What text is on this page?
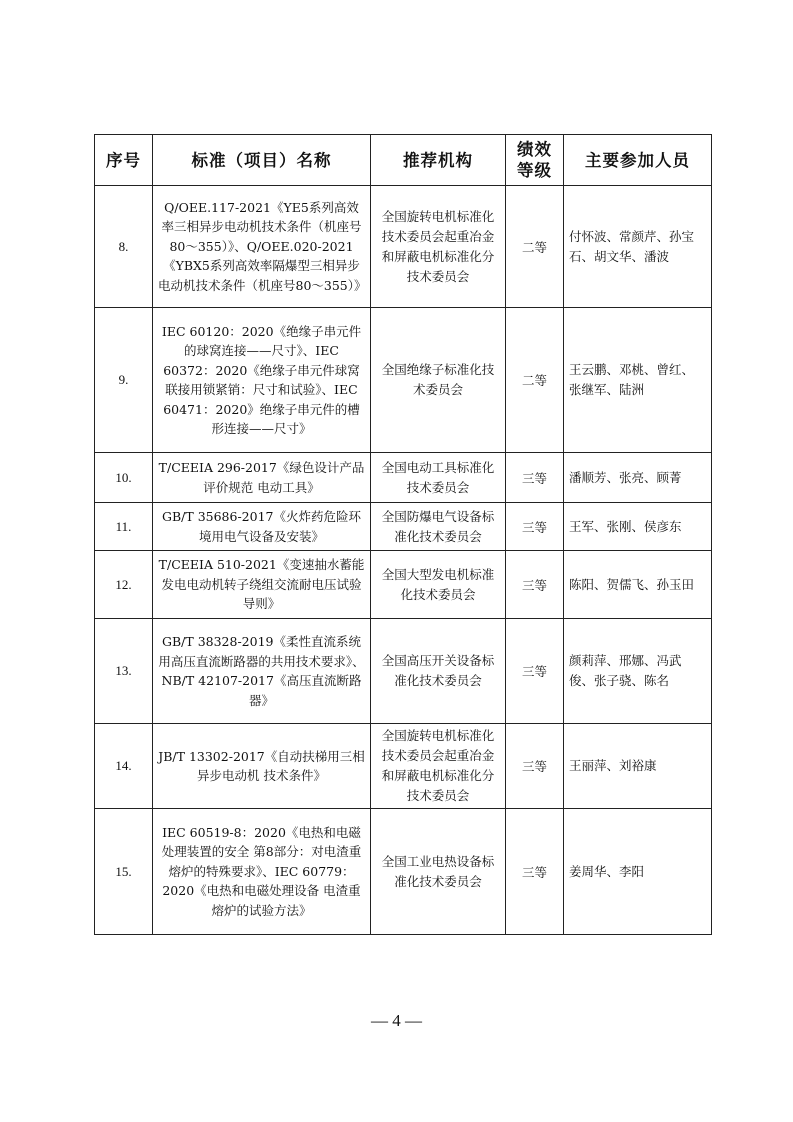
序号	标准（项目）名称	推荐机构	绩效等级	主要参加人员
8.	Q/OEE.117-2021《YE5系列高效率三相异步电动机技术条件（机座号80～355）》、Q/OEE.020-2021《YBX5系列高效率隔爆型三相异步电动机技术条件（机座号80～355）》	全国旋转电机标准化技术委员会起重冶金和屏蔽电机标准化分技术委员会	二等	付怀波、常颜芹、孙宝石、胡文华、潘波
9.	IEC 60120：2020《绝缘子串元件的球窝连接——尺寸》、IEC 60372：2020《绝缘子串元件球窝联接用锁紧销：尺寸和试验》、IEC 60471：2020》绝缘子串元件的槽形连接——尺寸》	全国绝缘子标准化技术委员会	二等	王云鹏、邓桃、曾红、张继军、陆洲
10.	T/CEEIA 296-2017《绿色设计产品评价规范 电动工具》	全国电动工具标准化技术委员会	三等	潘顺芳、张亮、顾菁
11.	GB/T 35686-2017《火炸药危险环境用电气设备及安装》	全国防爆电气设备标准化技术委员会	三等	王军、张刚、侯彦东
12.	T/CEEIA 510-2021《变速抽水蓄能发电电动机转子绕组交流耐电压试验导则》	全国大型发电机标准化技术委员会	三等	陈阳、贺儒飞、孙玉田
13.	GB/T 38328-2019《柔性直流系统用高压直流断路器的共用技术要求》、NB/T 42107-2017《高压直流断路器》	全国高压开关设备标准化技术委员会	三等	颜莉萍、邢娜、冯武俊、张子骁、陈名
14.	JB/T 13302-2017《自动扶梯用三相异步电动机 技术条件》	全国旋转电机标准化技术委员会起重冶金和屏蔽电机标准化分技术委员会	三等	王丽萍、刘裕康
15.	IEC 60519-8：2020《电热和电磁处理装置的安全 第8部分：对电渣重熔炉的特殊要求》、IEC 60779：2020《电热和电磁处理设备 电渣重熔炉的试验方法》	全国工业电热设备标准化技术委员会	三等	姜周华、李阳
— 4 —
